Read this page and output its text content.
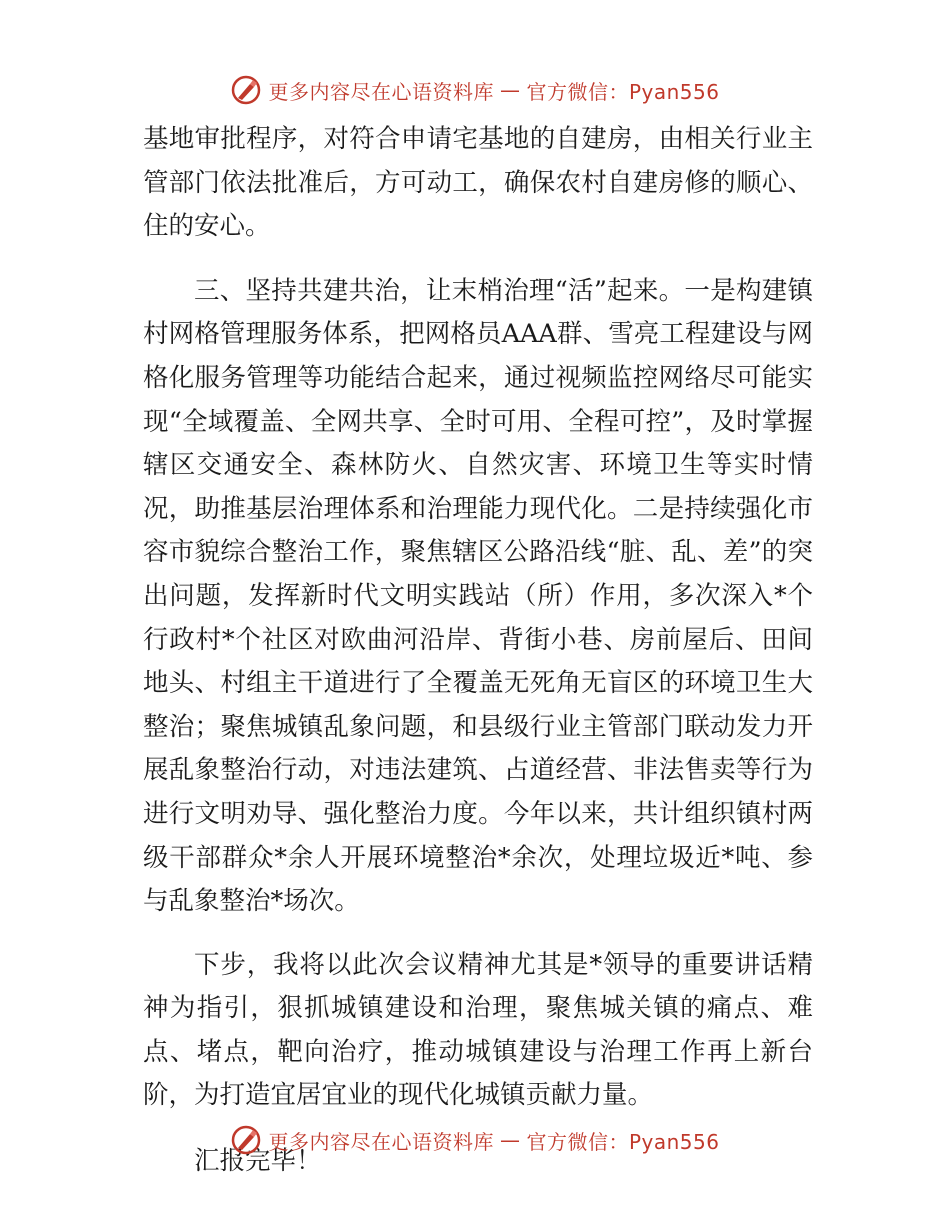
更多内容尽在心语资料库 — 官方微信：Pyan556

基地审批程序，对符合申请宅基地的自建房，由相关行业主管部门依法批准后，方可动工，确保农村自建房修的顺心、住的安心。

三、坚持共建共治，让末梢治理“活”起来。一是构建镇村网格管理服务体系，把网格员AAA群、雪亮工程建设与网格化服务管理等功能结合起来，通过视频监控网络尽可能实现“全域覆盖、全网共享、全时可用、全程可控”，及时掌握辖区交通安全、森林防火、自然灾害、环境卫生等实时情况，助推基层治理体系和治理能力现代化。二是持续强化市容市貌综合整治工作，聚焦辖区公路沿线“脏、乱、差”的突出问题，发挥新时代文明实践站（所）作用，多次深入*个行政村*个社区对欧曲河沿岸、背街小巷、房前屋后、田间地头、村组主干道进行了全覆盖无死角无盲区的环境卫生大整治；聚焦城镇乱象问题，和县级行业主管部门联动发力开展乱象整治行动，对违法建筑、占道经营、非法售卖等行为进行文明劝导、强化整治力度。今年以来，共计组织镇村两级干部群众*余人开展环境整治*余次，处理垃圾近*吨、参与乱象整治*场次。

下步，我将以此次会议精神尤其是*领导的重要讲话精神为指引，狠抓城镇建设和治理，聚焦城关镇的痛点、难点、堵点，靶向治疗，推动城镇建设与治理工作再上新台阶，为打造宜居宜业的现代化城镇贡献力量。

汇报完毕！

更多内容尽在心语资料库 — 官方微信：Pyan556
